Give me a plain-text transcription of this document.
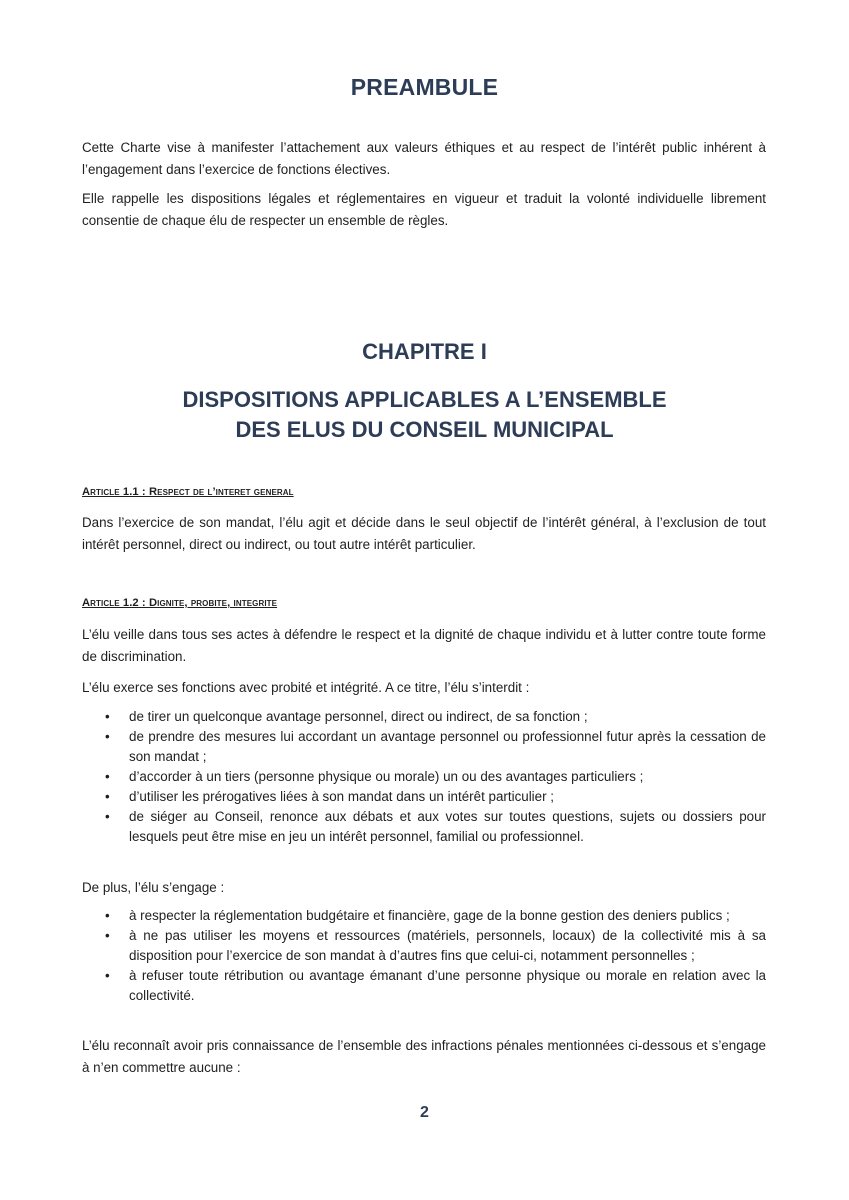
PREAMBULE

Cette Charte vise à manifester l’attachement aux valeurs éthiques et au respect de l’intérêt public inhérent à l’engagement dans l’exercice de fonctions électives.

Elle rappelle les dispositions légales et réglementaires en vigueur et traduit la volonté individuelle librement consentie de chaque élu de respecter un ensemble de règles.

CHAPITRE I
DISPOSITIONS APPLICABLES A L’ENSEMBLE
DES ELUS DU CONSEIL MUNICIPAL

Article 1.1 : Respect de l’interet general

Dans l’exercice de son mandat, l’élu agit et décide dans le seul objectif de l’intérêt général, à l’exclusion de tout intérêt personnel, direct ou indirect, ou tout autre intérêt particulier.

Article 1.2 : Dignite, probite, integrite

L’élu veille dans tous ses actes à défendre le respect et la dignité de chaque individu et à lutter contre toute forme de discrimination.

L’élu exerce ses fonctions avec probité et intégrité. A ce titre, l’élu s’interdit :

• de tirer un quelconque avantage personnel, direct ou indirect, de sa fonction ;
• de prendre des mesures lui accordant un avantage personnel ou professionnel futur après la cessation de son mandat ;
• d’accorder à un tiers (personne physique ou morale) un ou des avantages particuliers ;
• d’utiliser les prérogatives liées à son mandat dans un intérêt particulier ;
• de siéger au Conseil, renonce aux débats et aux votes sur toutes questions, sujets ou dossiers pour lesquels peut être mise en jeu un intérêt personnel, familial ou professionnel.

De plus, l’élu s’engage :

• à respecter la réglementation budgétaire et financière, gage de la bonne gestion des deniers publics ;
• à ne pas utiliser les moyens et ressources (matériels, personnels, locaux) de la collectivité mis à sa disposition pour l’exercice de son mandat à d’autres fins que celui-ci, notamment personnelles ;
• à refuser toute rétribution ou avantage émanant d’une personne physique ou morale en relation avec la collectivité.

L’élu reconnaît avoir pris connaissance de l’ensemble des infractions pénales mentionnées ci-dessous et s’engage à n’en commettre aucune :

2
